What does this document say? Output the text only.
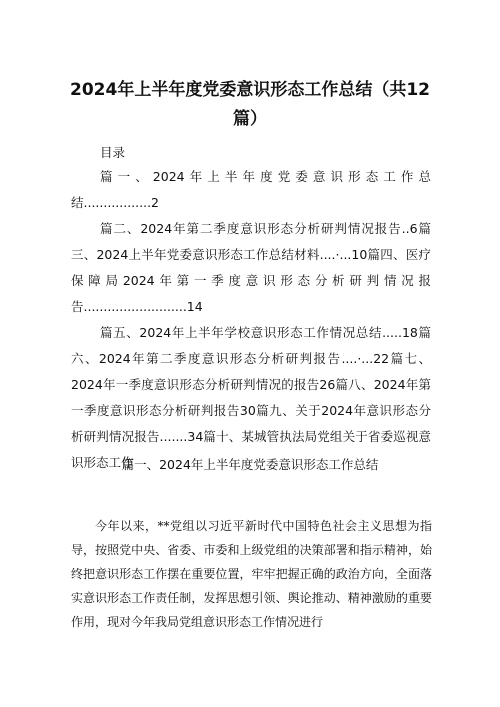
2024年上半年度党委意识形态工作总结（共12篇）
目录

篇一、2024年上半年度党委意识形态工作总结.................2

篇二、2024年第二季度意识形态分析研判情况报告..6篇三、2024上半年党委意识形态工作总结材料....·...10篇四、医疗保障局2024年第一季度意识形态分析研判情况报告..........................14

篇五、2024年上半年学校意识形态工作情况总结.....18篇六、2024年第二季度意识形态分析研判报告....·...22篇七、2024年一季度意识形态分析研判情况的报告26篇八、2024年第一季度意识形态分析研判报告30篇九、关于2024年意识形态分析研判情况报告.......34篇十、某城管执法局党组关于省委巡视意识形态工作

篇一、2024年上半年度党委意识形态工作总结

今年以来，**党组以习近平新时代中国特色社会主义思想为指导，按照党中央、省委、市委和上级党组的决策部署和指示精神，始终把意识形态工作摆在重要位置，牢牢把握正确的政治方向，全面落实意识形态工作责任制，发挥思想引领、舆论推动、精神激励的重要作用，现对今年我局党组意识形态工作情况进行
